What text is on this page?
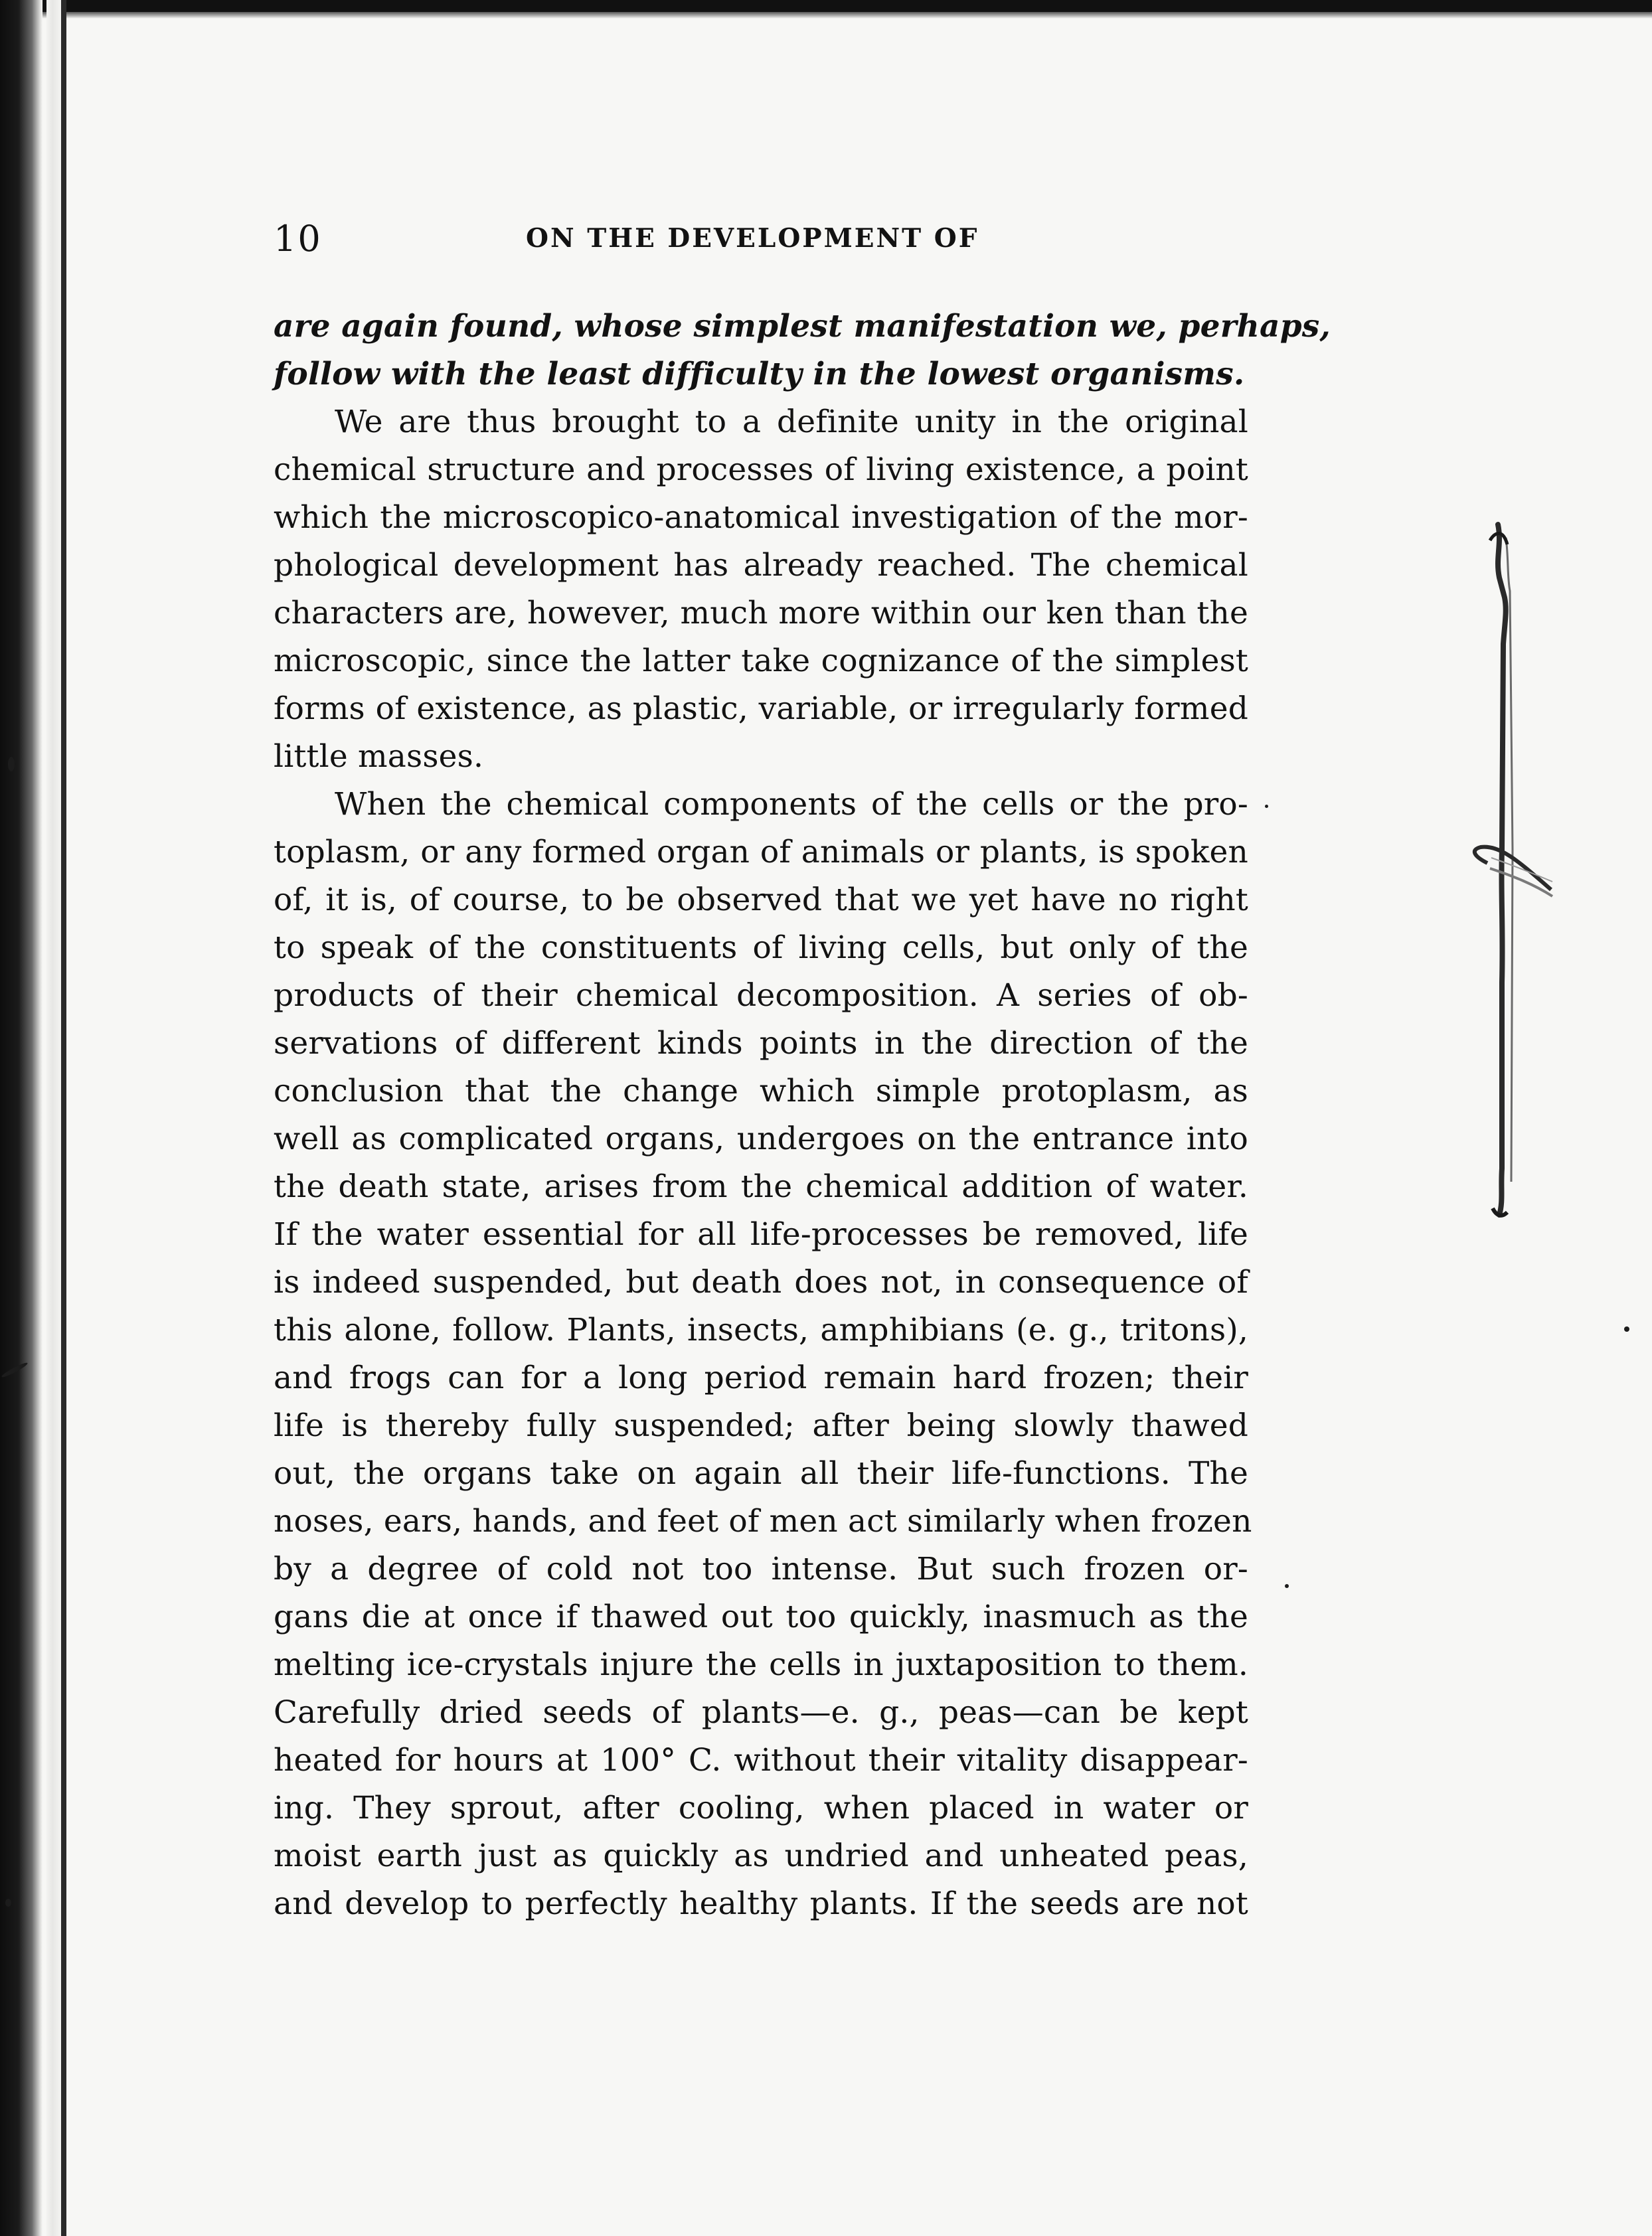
10	ON THE DEVELOPMENT OF
are again found, whose simplest manifestation we, perhaps,
follow with the least difficulty in the lowest organisms.
We are thus brought to a definite unity in the original
chemical structure and processes of living existence, a point
which the microscopico-anatomical investigation of the mor-
phological development has already reached. The chemical
characters are, however, much more within our ken than the
microscopic, since the latter take cognizance of the simplest
forms of existence, as plastic, variable, or irregularly formed
little masses.
When the chemical components of the cells or the pro-
toplasm, or any formed organ of animals or plants, is spoken
of, it is, of course, to be observed that we yet have no right
to speak of the constituents of living cells, but only of the
products of their chemical decomposition. A series of ob-
servations of different kinds points in the direction of the
conclusion that the change which simple protoplasm, as
well as complicated organs, undergoes on the entrance into
the death state, arises from the chemical addition of water.
If the water essential for all life-processes be removed, life
is indeed suspended, but death does not, in consequence of
this alone, follow. Plants, insects, amphibians (e. g., tritons),
and frogs can for a long period remain hard frozen; their
life is thereby fully suspended; after being slowly thawed
out, the organs take on again all their life-functions. The
noses, ears, hands, and feet of men act similarly when frozen
by a degree of cold not too intense. But such frozen or-
gans die at once if thawed out too quickly, inasmuch as the
melting ice-crystals injure the cells in juxtaposition to them.
Carefully dried seeds of plants—e. g., peas—can be kept
heated for hours at 100° C. without their vitality disappear-
ing. They sprout, after cooling, when placed in water or
moist earth just as quickly as undried and unheated peas,
and develop to perfectly healthy plants. If the seeds are not
